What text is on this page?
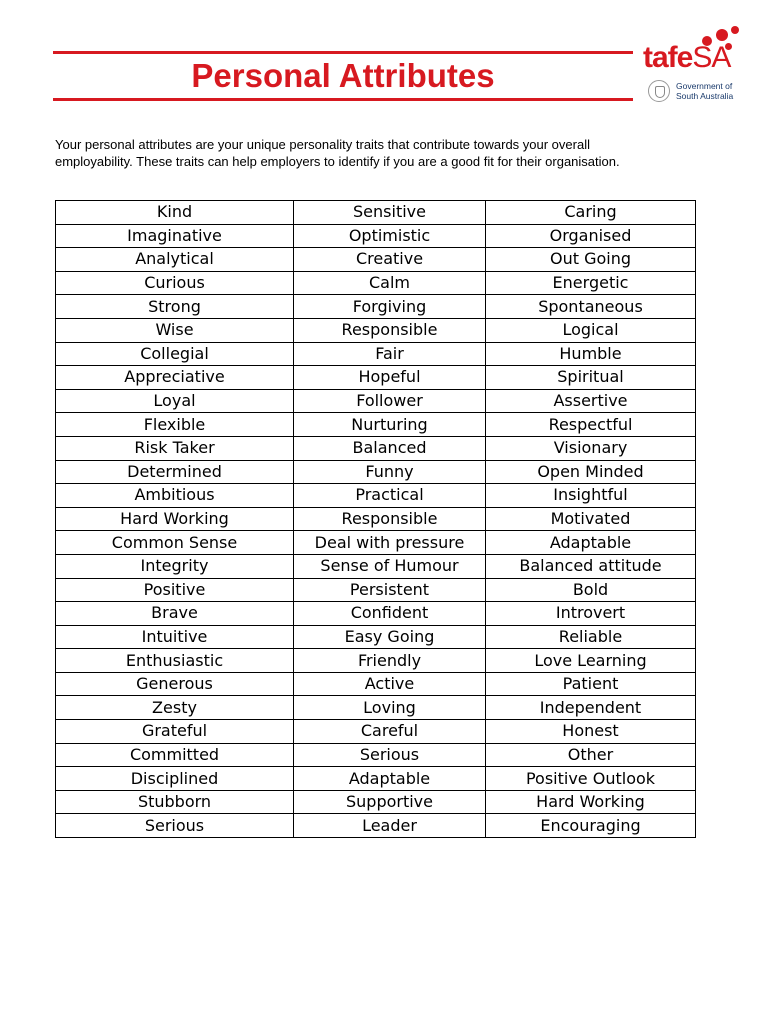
Personal Attributes	tafeSA
Government of
South Australia
Your personal attributes are your unique personality traits that contribute towards your overall
employability. These traits can help employers to identify if you are a good fit for their organisation.
Kind	Sensitive	Caring
Imaginative	Optimistic	Organised
Analytical	Creative	Out Going
Curious	Calm	Energetic
Strong	Forgiving	Spontaneous
Wise	Responsible	Logical
Collegial	Fair	Humble
Appreciative	Hopeful	Spiritual
Loyal	Follower	Assertive
Flexible	Nurturing	Respectful
Risk Taker	Balanced	Visionary
Determined	Funny	Open Minded
Ambitious	Practical	Insightful
Hard Working	Responsible	Motivated
Common Sense	Deal with pressure	Adaptable
Integrity	Sense of Humour	Balanced attitude
Positive	Persistent	Bold
Brave	Confident	Introvert
Intuitive	Easy Going	Reliable
Enthusiastic	Friendly	Love Learning
Generous	Active	Patient
Zesty	Loving	Independent
Grateful	Careful	Honest
Committed	Serious	Other
Disciplined	Adaptable	Positive Outlook
Stubborn	Supportive	Hard Working
Serious	Leader	Encouraging
